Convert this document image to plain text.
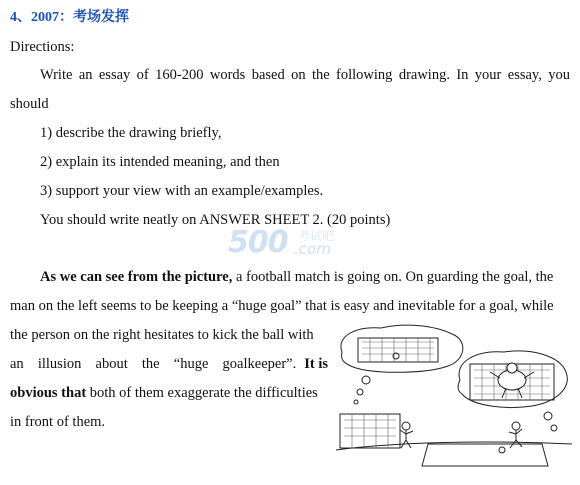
4、2007：考场发挥
Directions:
Write an essay of 160-200 words based on the following drawing. In your essay, you
should
1) describe the drawing briefly,
2) explain its intended meaning, and then
3) support your view with an example/examples.
You should write neatly on ANSWER SHEET 2. (20 points)
500 考试吧
.com
As we can see from the picture, a football match is going on. On guarding the goal, the
man on the left seems to be keeping a “huge goal” that is easy and inevitable for a goal, while
the person on the right hesitates to kick the ball with
an illusion about the “huge goalkeeper”. It is
obvious that both of them exaggerate the difficulties
in front of them.
